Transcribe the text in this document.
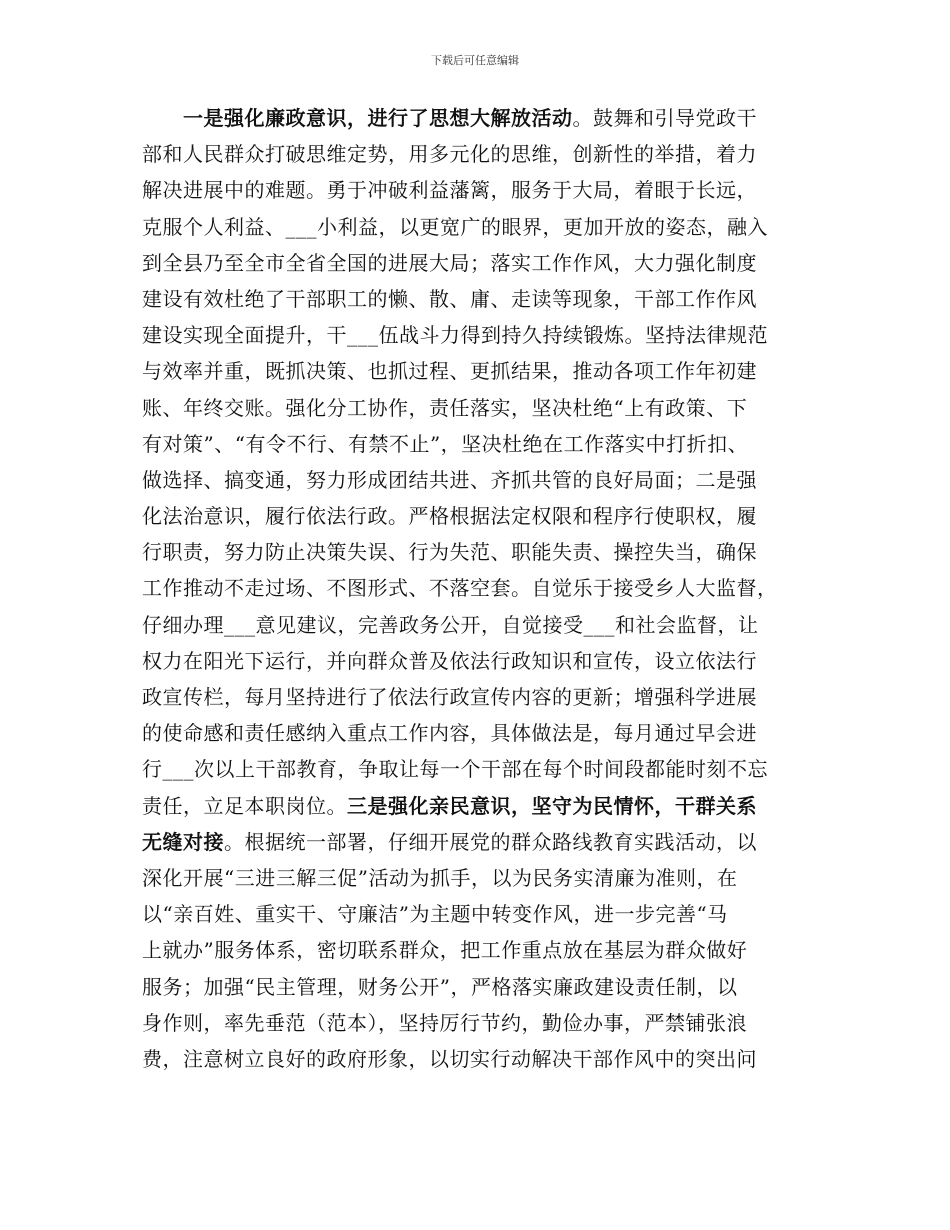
下载后可任意编辑
一是强化廉政意识，进行了思想大解放活动。鼓舞和引导党政干
部和人民群众打破思维定势，用多元化的思维，创新性的举措，着力
解决进展中的难题。勇于冲破利益藩篱，服务于大局，着眼于长远，
克服个人利益、___小利益，以更宽广的眼界，更加开放的姿态，融入
到全县乃至全市全省全国的进展大局；落实工作作风，大力强化制度
建设有效杜绝了干部职工的懒、散、庸、走读等现象，干部工作作风
建设实现全面提升，干___伍战斗力得到持久持续锻炼。坚持法律规范
与效率并重，既抓决策、也抓过程、更抓结果，推动各项工作年初建
账、年终交账。强化分工协作，责任落实，坚决杜绝“上有政策、下
有对策”、“有令不行、有禁不止”，坚决杜绝在工作落实中打折扣、
做选择、搞变通，努力形成团结共进、齐抓共管的良好局面；二是强
化法治意识，履行依法行政。严格根据法定权限和程序行使职权，履
行职责，努力防止决策失误、行为失范、职能失责、操控失当，确保
工作推动不走过场、不图形式、不落空套。自觉乐于接受乡人大监督，
仔细办理___意见建议，完善政务公开，自觉接受___和社会监督，让
权力在阳光下运行，并向群众普及依法行政知识和宣传，设立依法行
政宣传栏，每月坚持进行了依法行政宣传内容的更新；增强科学进展
的使命感和责任感纳入重点工作内容，具体做法是，每月通过早会进
行___次以上干部教育，争取让每一个干部在每个时间段都能时刻不忘
责任，立足本职岗位。三是强化亲民意识，坚守为民情怀，干群关系
无缝对接。根据统一部署，仔细开展党的群众路线教育实践活动，以
深化开展“三进三解三促”活动为抓手，以为民务实清廉为准则，在
以“亲百姓、重实干、守廉洁”为主题中转变作风，进一步完善“马
上就办”服务体系，密切联系群众，把工作重点放在基层为群众做好
服务；加强“民主管理，财务公开”，严格落实廉政建设责任制，以
身作则，率先垂范（范本），坚持厉行节约，勤俭办事，严禁铺张浪
费，注意树立良好的政府形象，以切实行动解决干部作风中的突出问
